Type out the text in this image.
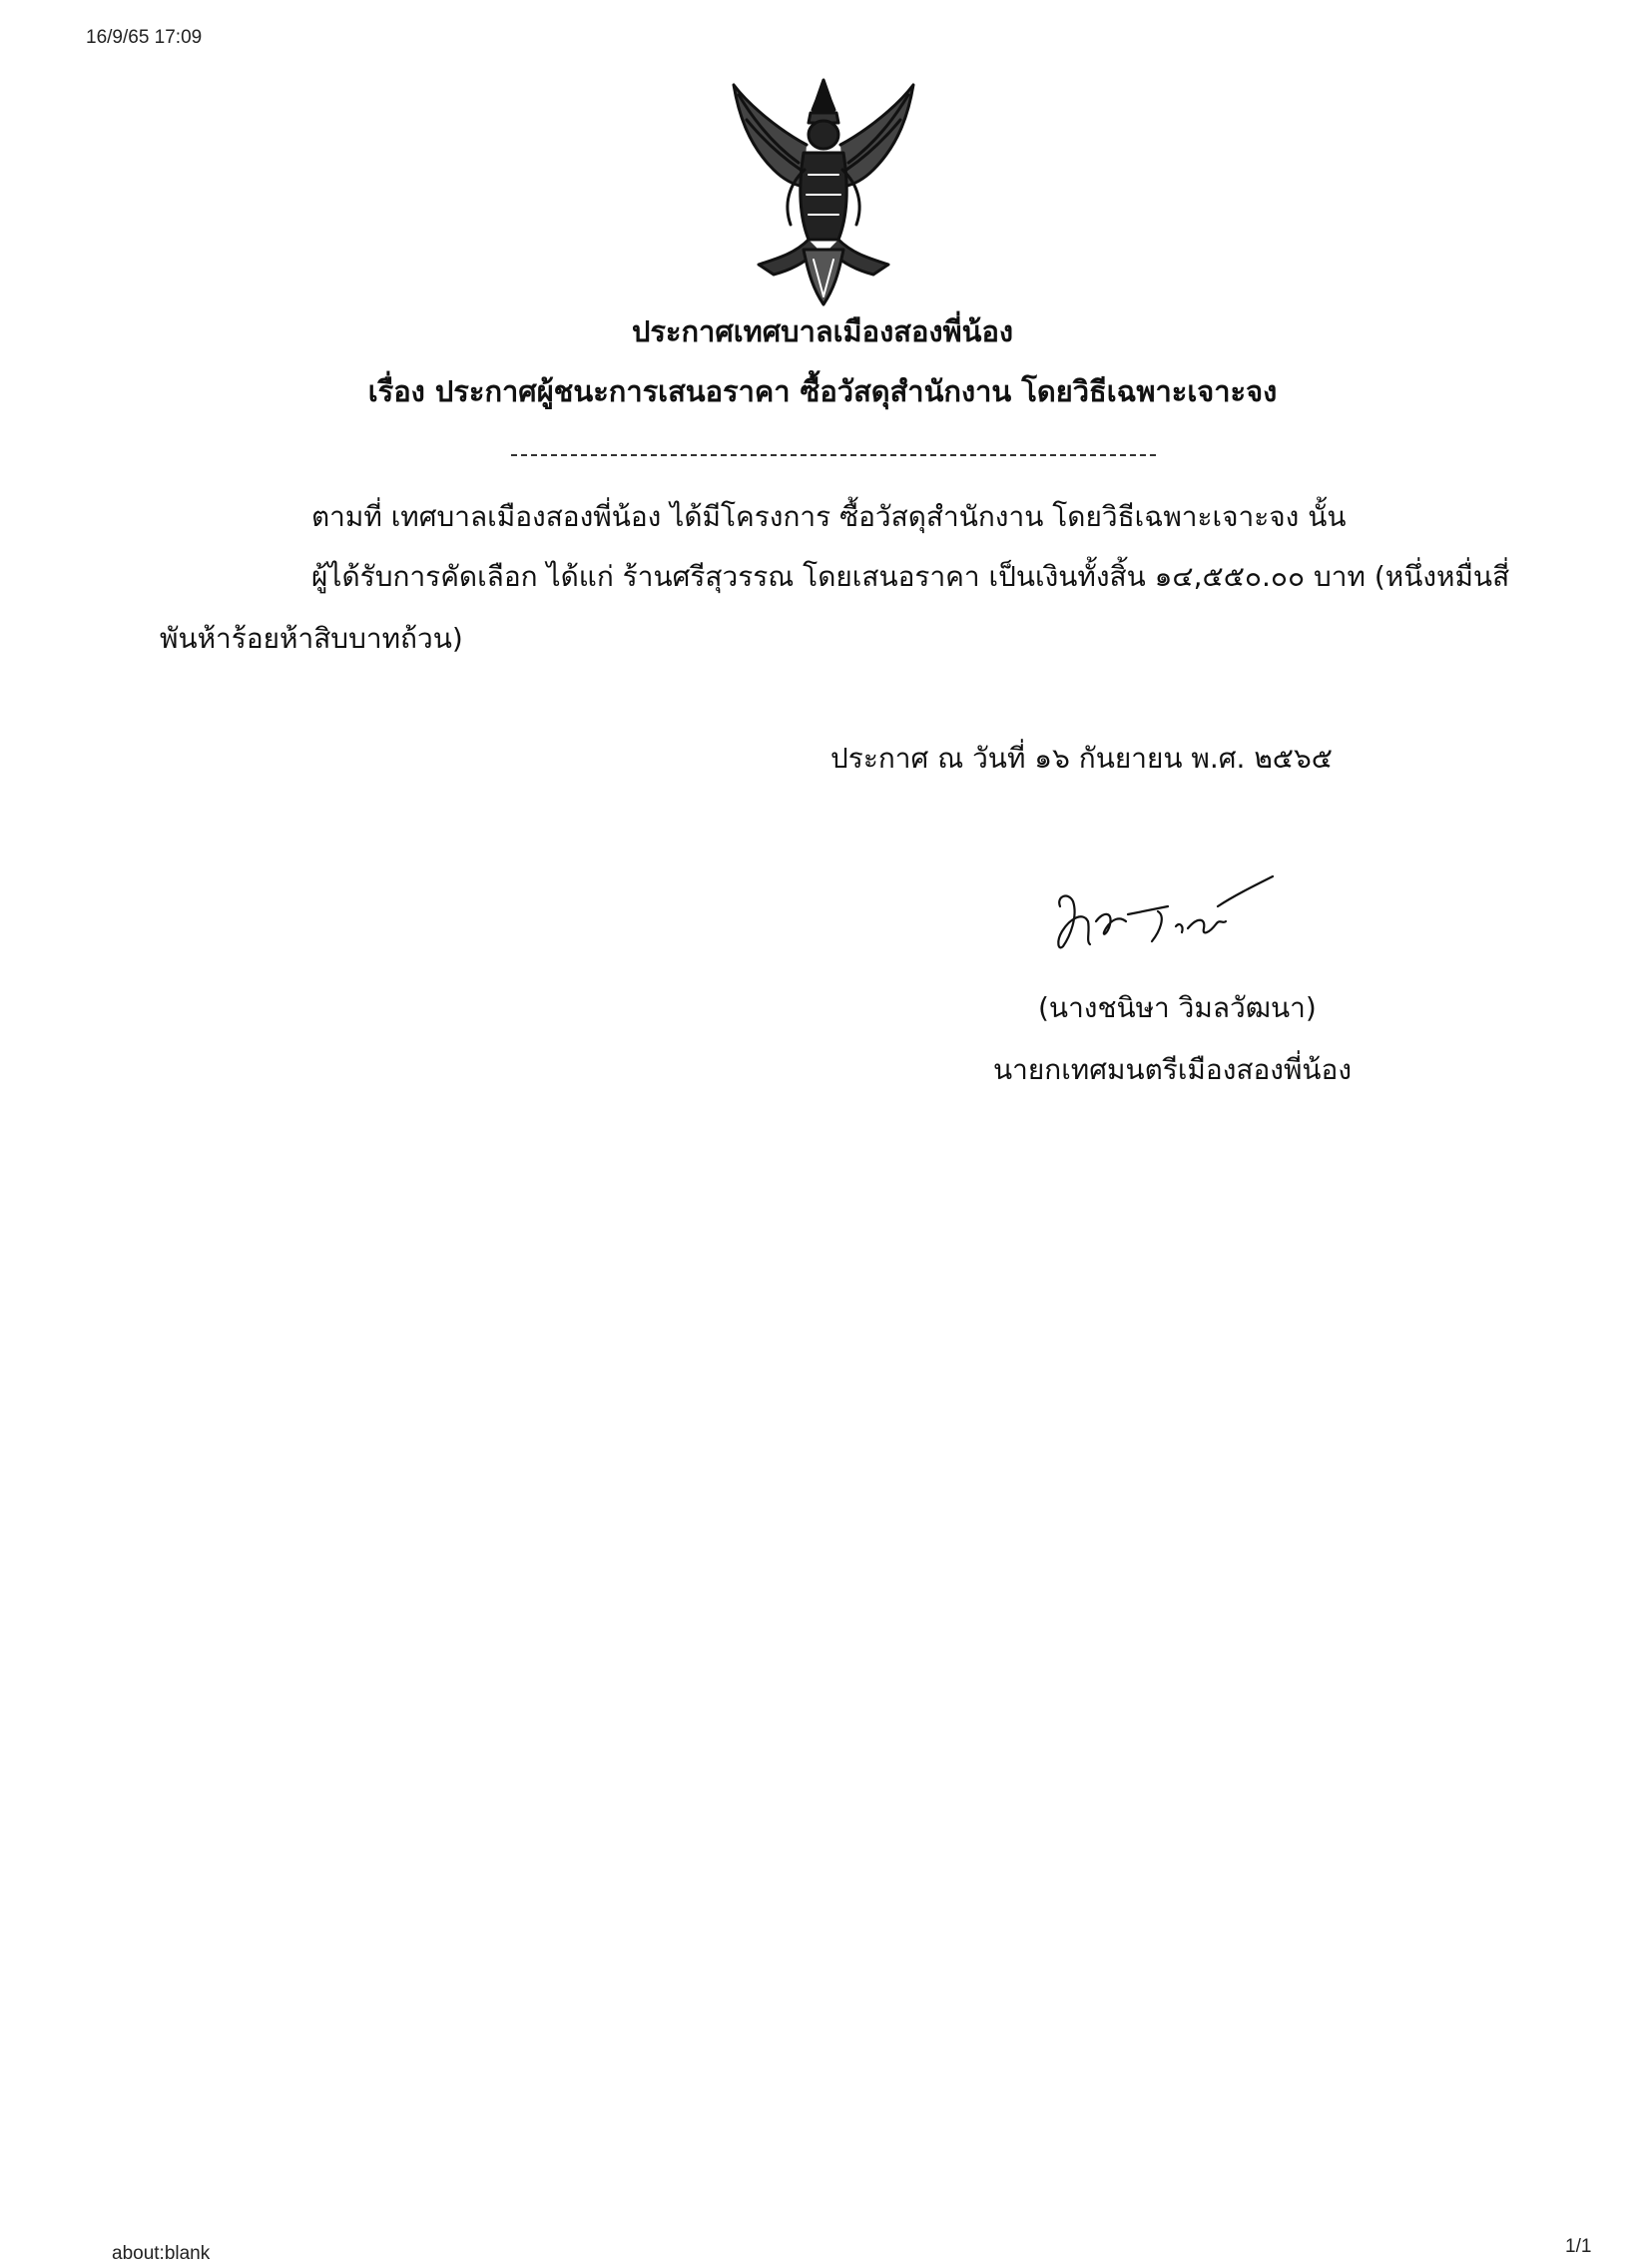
16/9/65 17:09
ประกาศเทศบาลเมืองสองพี่น้อง
เรื่อง ประกาศผู้ชนะการเสนอราคา ซื้อวัสดุสำนักงาน โดยวิธีเฉพาะเจาะจง
ตามที่ เทศบาลเมืองสองพี่น้อง ได้มีโครงการ ซื้อวัสดุสำนักงาน โดยวิธีเฉพาะเจาะจง นั้น
ผู้ได้รับการคัดเลือก ได้แก่ ร้านศรีสุวรรณ โดยเสนอราคา เป็นเงินทั้งสิ้น ๑๔,๕๕๐.๐๐ บาท (หนึ่งหมื่นสี่
พันห้าร้อยห้าสิบบาทถ้วน)
ประกาศ ณ วันที่ ๑๖ กันยายน พ.ศ. ๒๕๖๕
(นางชนิษา วิมลวัฒนา)
นายกเทศมนตรีเมืองสองพี่น้อง
about:blank	1/1
